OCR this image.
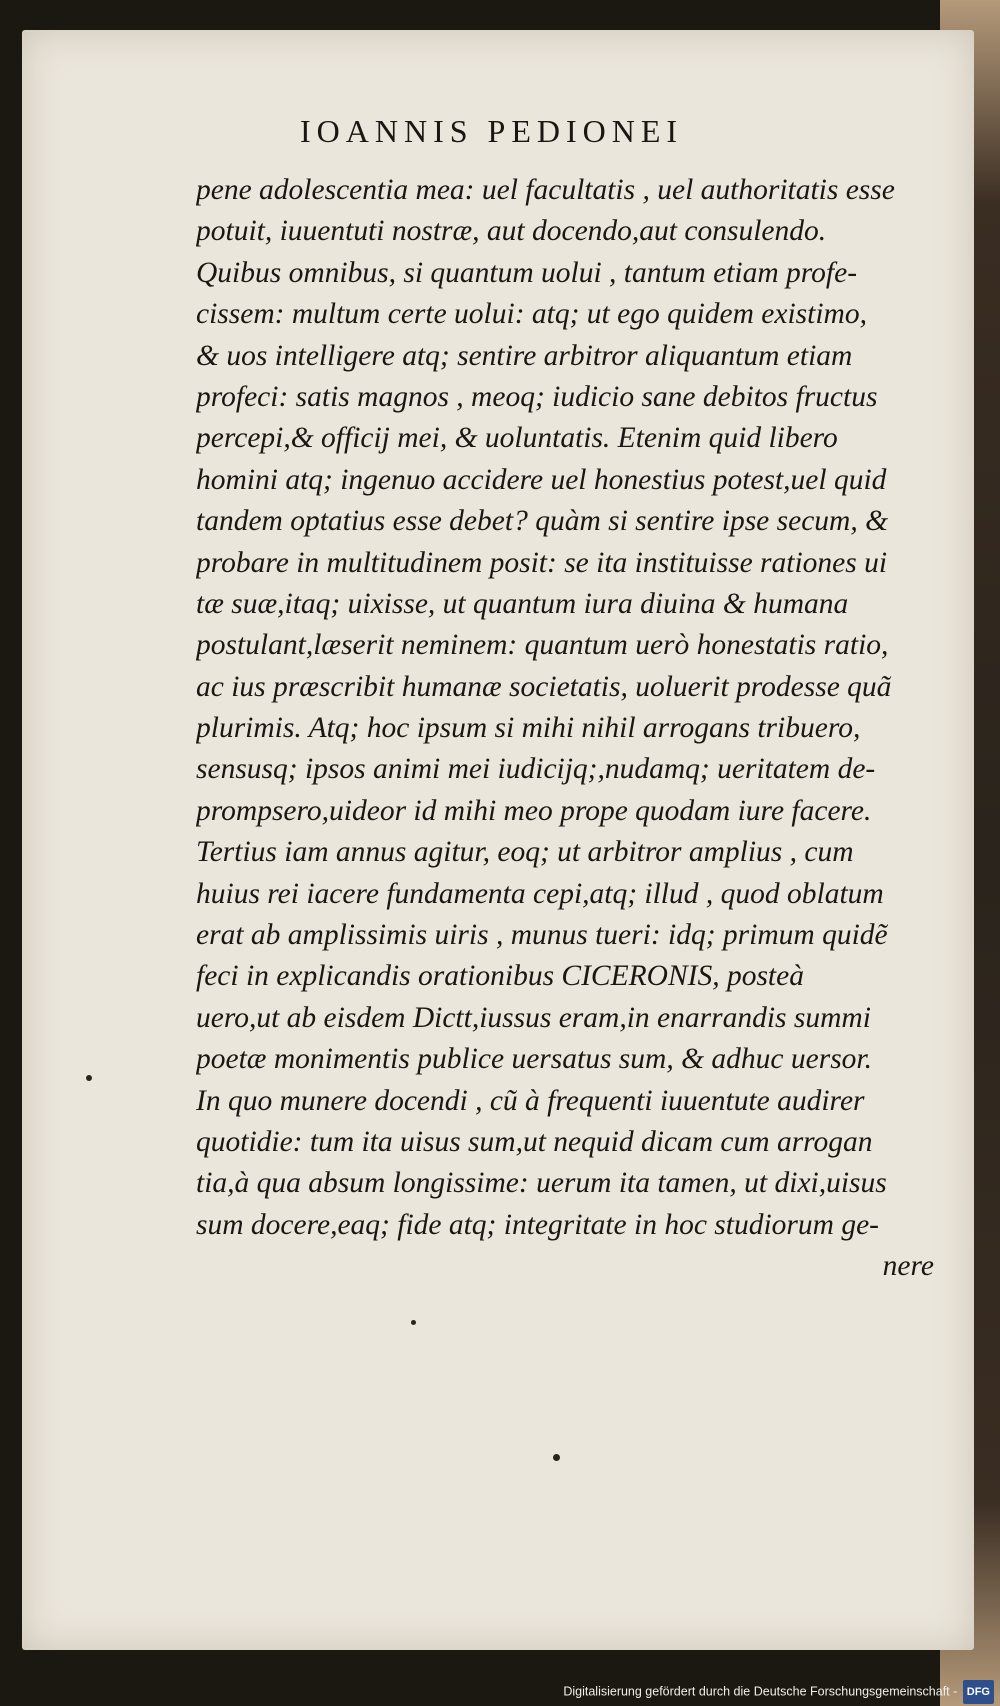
IOANNIS PEDIONEI
pene adolescentia mea: uel facultatis , uel authoritatis esse
potuit, iuuentuti nostræ, aut docendo,aut consulendo.
Quibus omnibus, si quantum uolui , tantum etiam profe-
cissem: multum certe uolui: atq; ut ego quidem existimo,
& uos intelligere atq; sentire arbitror aliquantum etiam
profeci: satis magnos , meoq; iudicio sane debitos fructus
percepi,& officij mei, & uoluntatis. Etenim quid libero
homini atq; ingenuo accidere uel honestius potest,uel quid
tandem optatius esse debet? quàm si sentire ipse secum, &
probare in multitudinem posit: se ita instituisse rationes ui
tæ suæ,itaq; uixisse, ut quantum iura diuina & humana
postulant,læserit neminem: quantum uerò honestatis ratio,
ac ius præscribit humanæ societatis, uoluerit prodesse quã
plurimis. Atq; hoc ipsum si mihi nihil arrogans tribuero,
sensusq; ipsos animi mei iudicijq;,nudamq; ueritatem de-
prompsero,uideor id mihi meo prope quodam iure facere.
Tertius iam annus agitur, eoq; ut arbitror amplius , cum
huius rei iacere fundamenta cepi,atq; illud , quod oblatum
erat ab amplissimis uiris , munus tueri: idq; primum quidẽ
feci in explicandis orationibus CICERONIS, posteà
uero,ut ab eisdem Dictt,iussus eram,in enarrandis summi
poetæ monimentis publice uersatus sum, & adhuc uersor.
In quo munere docendi , cũ à frequenti iuuentute audirer
quotidie: tum ita uisus sum,ut nequid dicam cum arrogan
tia,à qua absum longissime: uerum ita tamen, ut dixi,uisus
sum docere,eaq; fide atq; integritate in hoc studiorum ge-
nere
Digitalisierung gefördert durch die Deutsche Forschungsgemeinschaft - DFG
